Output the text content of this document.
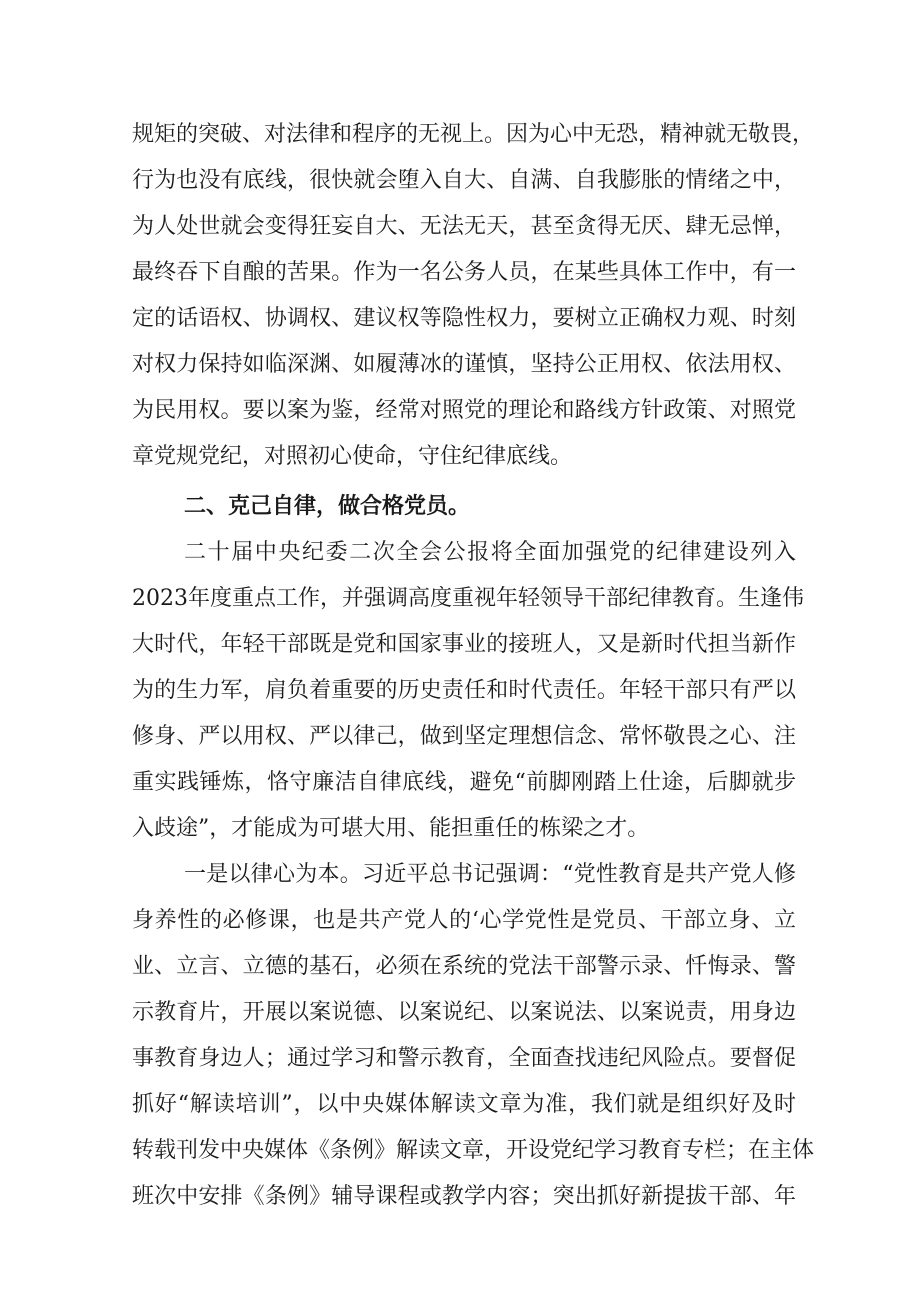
规矩的突破、对法律和程序的无视上。因为心中无恐，精神就无敬畏，
行为也没有底线，很快就会堕入自大、自满、自我膨胀的情绪之中，
为人处世就会变得狂妄自大、无法无天，甚至贪得无厌、肆无忌惮，
最终吞下自酿的苦果。作为一名公务人员，在某些具体工作中，有一
定的话语权、协调权、建议权等隐性权力，要树立正确权力观、时刻
对权力保持如临深渊、如履薄冰的谨慎，坚持公正用权、依法用权、
为民用权。要以案为鉴，经常对照党的理论和路线方针政策、对照党
章党规党纪，对照初心使命，守住纪律底线。
二、克己自律，做合格党员。
二十届中央纪委二次全会公报将全面加强党的纪律建设列入
2023年度重点工作，并强调高度重视年轻领导干部纪律教育。生逢伟
大时代，年轻干部既是党和国家事业的接班人，又是新时代担当新作
为的生力军，肩负着重要的历史责任和时代责任。年轻干部只有严以
修身、严以用权、严以律己，做到坚定理想信念、常怀敬畏之心、注
重实践锤炼，恪守廉洁自律底线，避免“前脚刚踏上仕途，后脚就步
入歧途”，才能成为可堪大用、能担重任的栋梁之才。
一是以律心为本。习近平总书记强调：“党性教育是共产党人修
身养性的必修课，也是共产党人的‘心学党性是党员、干部立身、立
业、立言、立德的基石，必须在系统的党法干部警示录、忏悔录、警
示教育片，开展以案说德、以案说纪、以案说法、以案说责，用身边
事教育身边人；通过学习和警示教育，全面查找违纪风险点。要督促
抓好“解读培训”，以中央媒体解读文章为准，我们就是组织好及时
转载刊发中央媒体《条例》解读文章，开设党纪学习教育专栏；在主体
班次中安排《条例》辅导课程或教学内容；突出抓好新提拔干部、年
